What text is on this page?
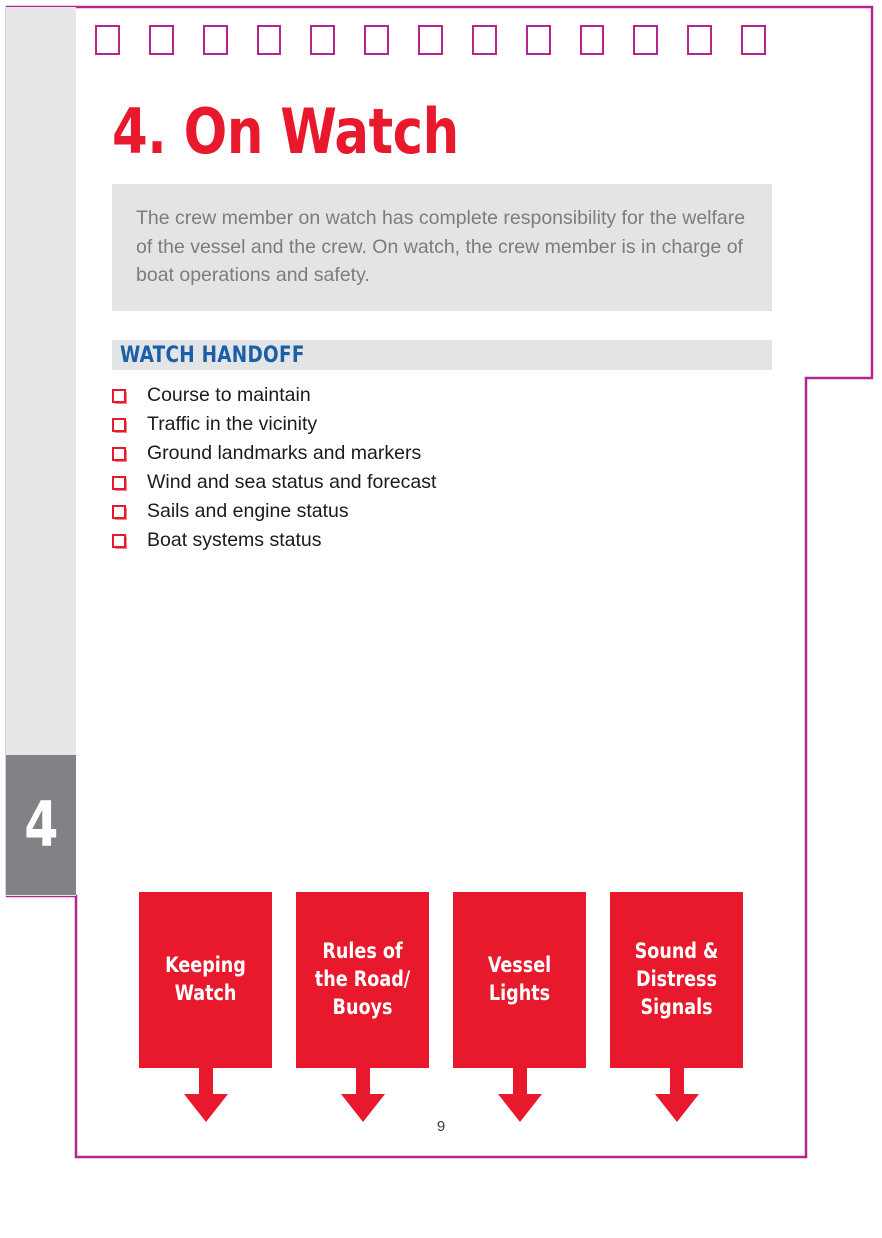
4
4. On Watch

The crew member on watch has complete responsibility for the welfare of the vessel and the crew. On watch, the crew member is in charge of boat operations and safety.

WATCH HANDOFF
Course to maintain
Traffic in the vicinity
Ground landmarks and markers
Wind and sea status and forecast
Sails and engine status
Boat systems status
Keeping Watch
Rules of the Road/ Buoys
Vessel Lights
Sound & Distress Signals
9
